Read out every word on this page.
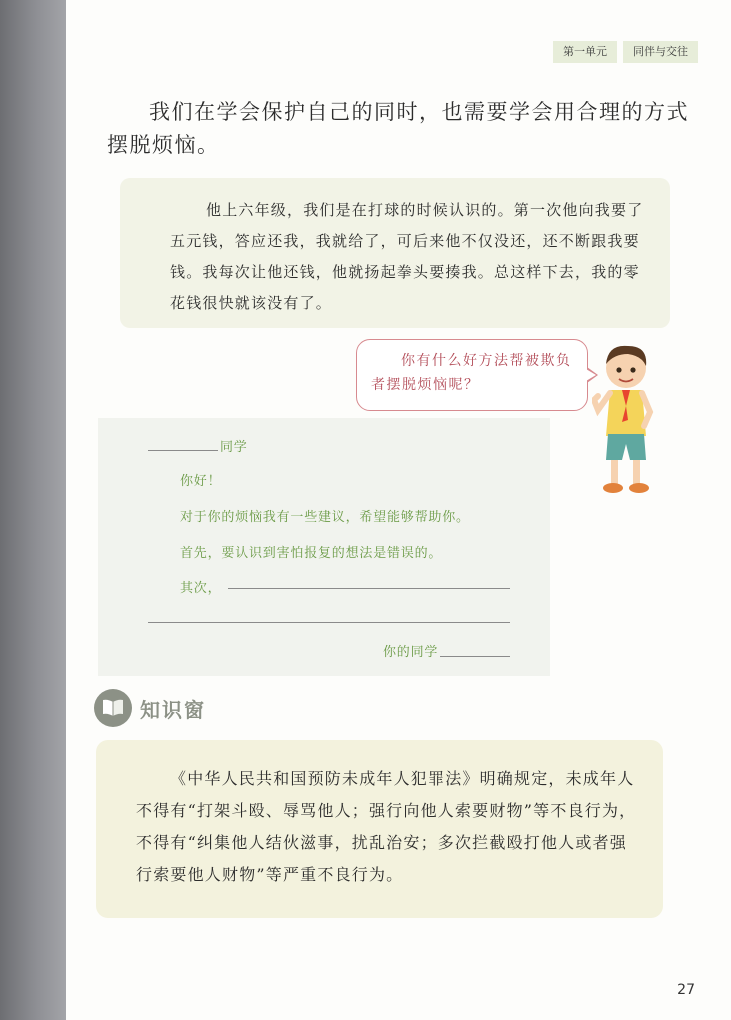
第一单元	同伴与交往
我们在学会保护自己的同时，也需要学会用合理的方式摆脱烦恼。

他上六年级，我们是在打球的时候认识的。第一次他向我要了五元钱，答应还我，我就给了，可后来他不仅没还，还不断跟我要钱。我每次让他还钱，他就扬起拳头要揍我。总这样下去，我的零花钱很快就该没有了。

你有什么好方法帮被欺负者摆脱烦恼呢？

同学
你好！
对于你的烦恼我有一些建议，希望能够帮助你。
首先，要认识到害怕报复的想法是错误的。
其次，
你的同学
知识窗

《中华人民共和国预防未成年人犯罪法》明确规定，未成年人不得有“打架斗殴、辱骂他人；强行向他人索要财物”等不良行为，不得有“纠集他人结伙滋事，扰乱治安；多次拦截殴打他人或者强行索要他人财物”等严重不良行为。

27
